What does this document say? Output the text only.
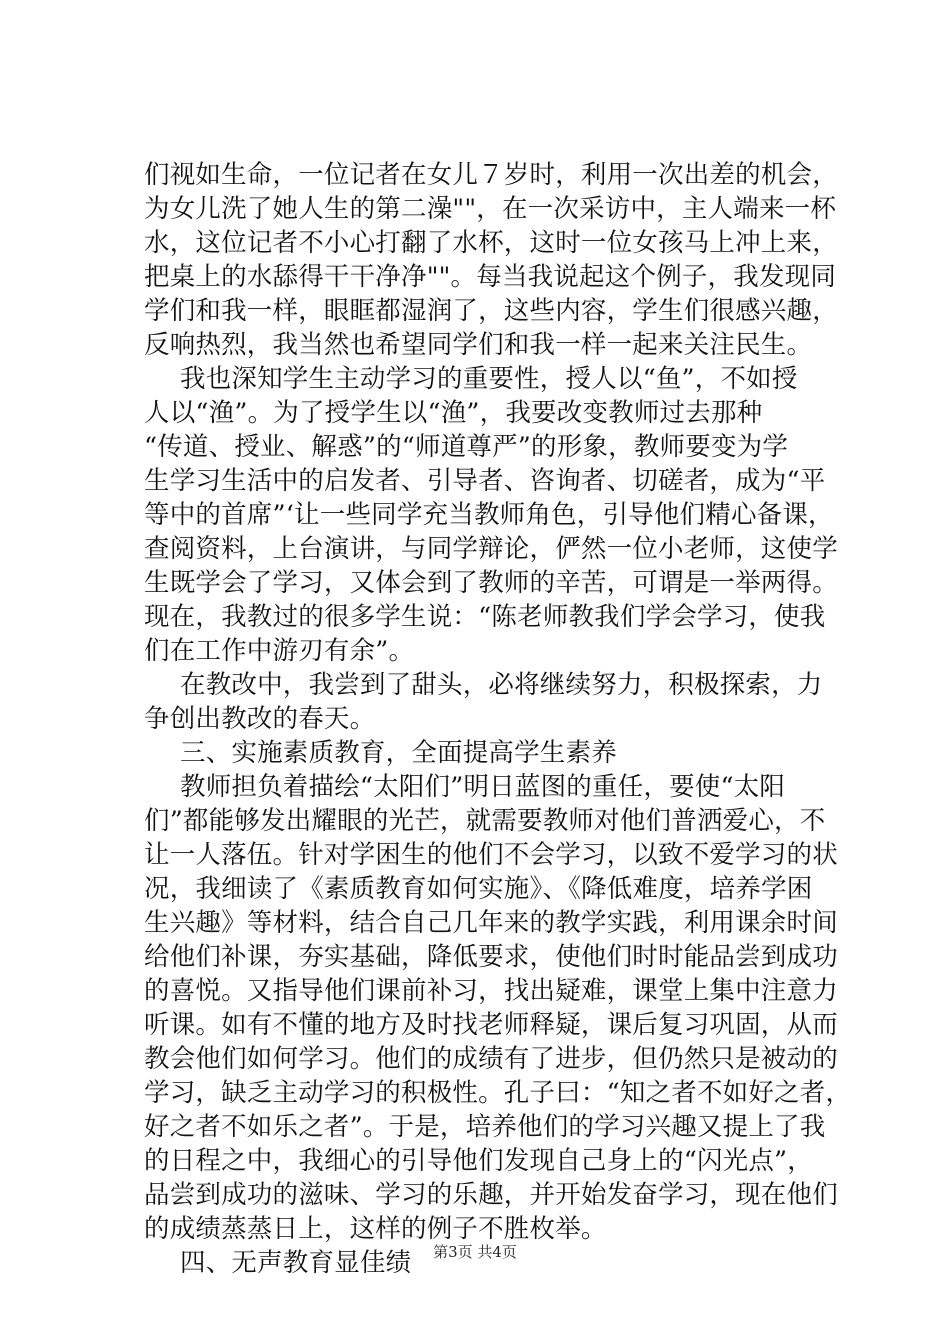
们视如生命，一位记者在女儿７岁时，利用一次出差的机会，
为女儿洗了她人生的第二澡""，在一次采访中，主人端来一杯
水，这位记者不小心打翻了水杯，这时一位女孩马上冲上来，
把桌上的水舔得干干净净""。每当我说起这个例子，我发现同
学们和我一样，眼眶都湿润了，这些内容，学生们很感兴趣，
反响热烈，我当然也希望同学们和我一样一起来关注民生。
我也深知学生主动学习的重要性，授人以“鱼”，不如授
人以“渔”。为了授学生以“渔”，我要改变教师过去那种
“传道、授业、解惑”的“师道尊严”的形象，教师要变为学
生学习生活中的启发者、引导者、咨询者、切磋者，成为“平
等中的首席”‘让一些同学充当教师角色，引导他们精心备课，
查阅资料，上台演讲，与同学辩论，俨然一位小老师，这使学
生既学会了学习，又体会到了教师的辛苦，可谓是一举两得。
现在，我教过的很多学生说：“陈老师教我们学会学习，使我
们在工作中游刃有余”。
在教改中，我尝到了甜头，必将继续努力，积极探索，力
争创出教改的春天。
三、实施素质教育，全面提高学生素养
教师担负着描绘“太阳们”明日蓝图的重任，要使“太阳
们”都能够发出耀眼的光芒，就需要教师对他们普洒爱心，不
让一人落伍。针对学困生的他们不会学习，以致不爱学习的状
况，我细读了《素质教育如何实施》、《降低难度，培养学困
生兴趣》等材料，结合自己几年来的教学实践，利用课余时间
给他们补课，夯实基础，降低要求，使他们时时能品尝到成功
的喜悦。又指导他们课前补习，找出疑难，课堂上集中注意力
听课。如有不懂的地方及时找老师释疑，课后复习巩固，从而
教会他们如何学习。他们的成绩有了进步，但仍然只是被动的
学习，缺乏主动学习的积极性。孔子曰：“知之者不如好之者，
好之者不如乐之者”。于是，培养他们的学习兴趣又提上了我
的日程之中，我细心的引导他们发现自己身上的“闪光点”，
品尝到成功的滋味、学习的乐趣，并开始发奋学习，现在他们
的成绩蒸蒸日上，这样的例子不胜枚举。
四、无声教育显佳绩	第3页 共4页
